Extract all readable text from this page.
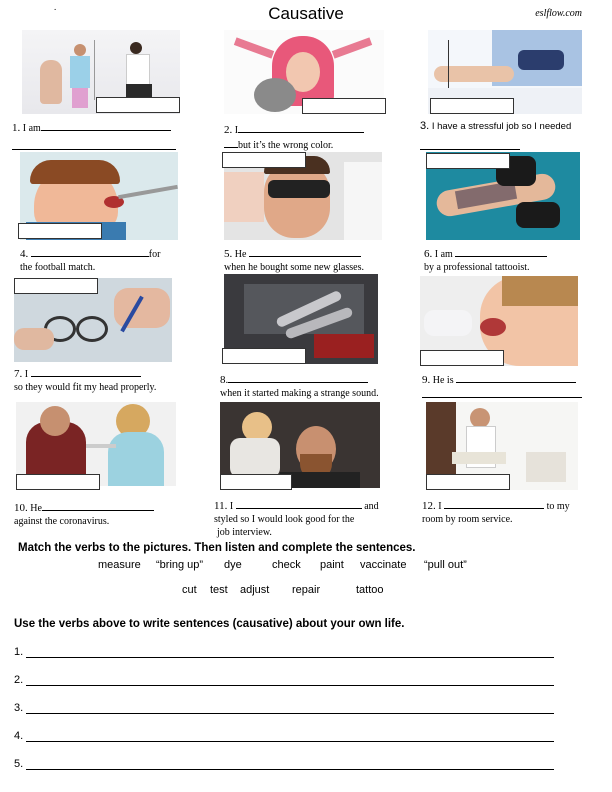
.	Causative	eslflow.com
1. I am	2. I
but it’s the wrong color.
3. I have a stressful job so I needed

4.	for
the football match.
5. He
when he bought some new glasses.
6. I am
by a professional tattooist.
7. I
so they would fit my head properly.
8.
when it started making a strange sound.
9. He is

10. He
against the coronavirus.
11. I	and
styled so I would look good for the
job interview.
12. I	to my
room by room service.
Match the verbs to the pictures. Then listen and complete the sentences.
measure “bring up” dye	check paint vaccinate “pull out”
cut test adjust repair	tattoo
Use the verbs above to write sentences (causative) about your own life.
1.
2.
3.
4.
5.
